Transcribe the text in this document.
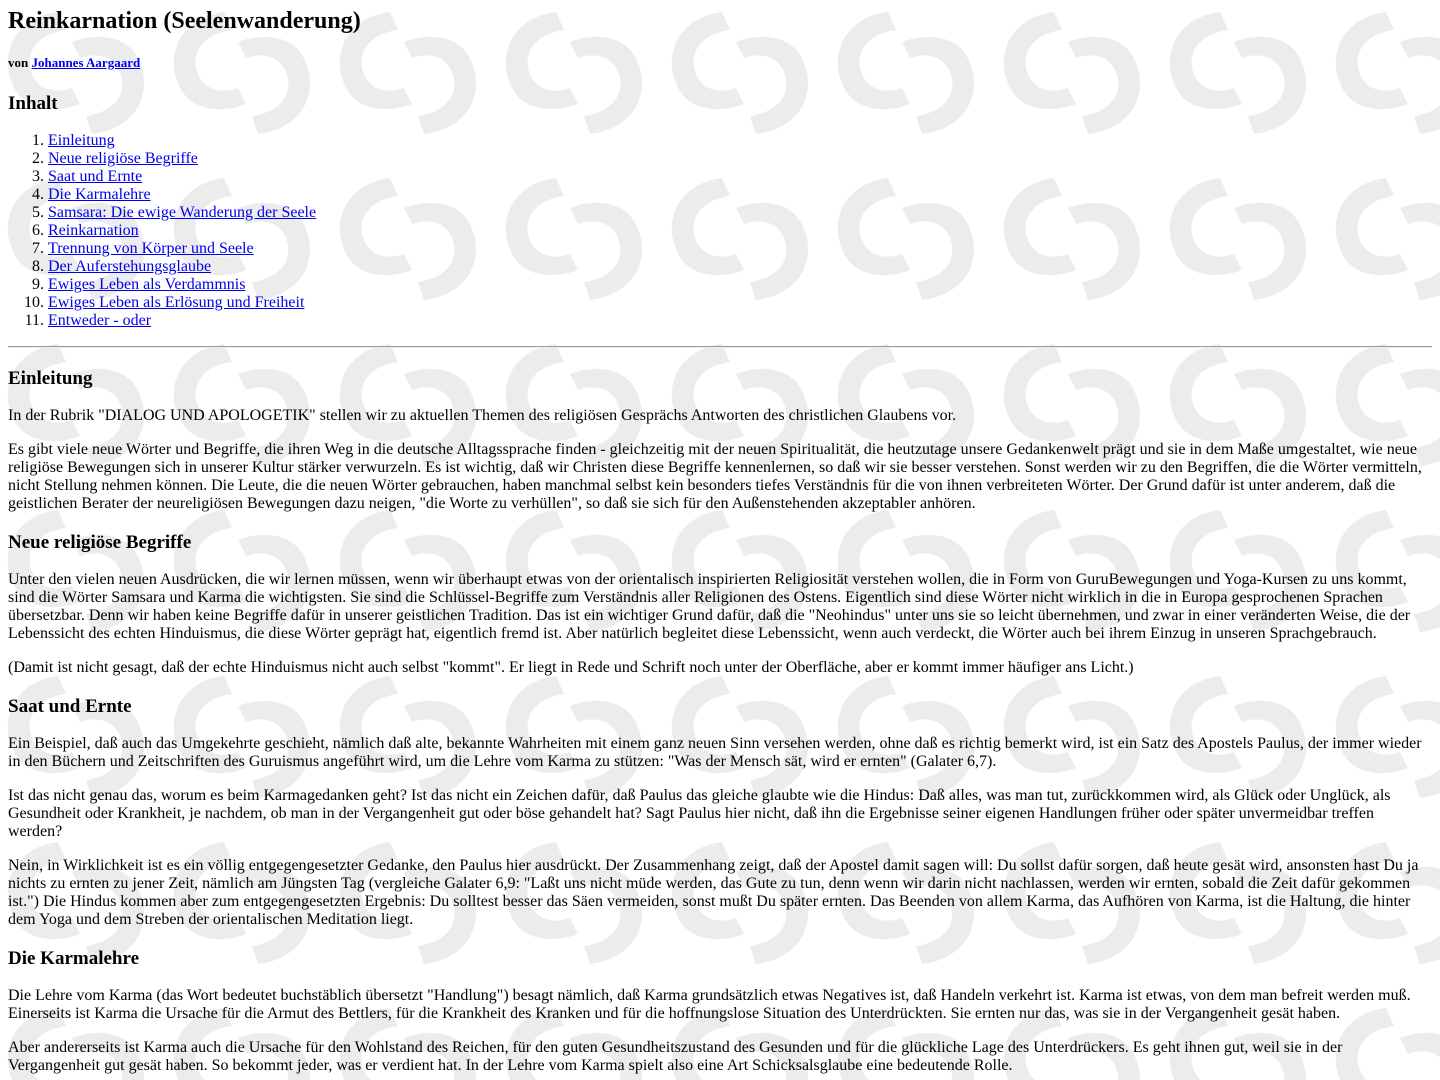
Reinkarnation (Seelenwanderung)
von Johannes Aargaard
Inhalt
1. Einleitung
2. Neue religiöse Begriffe
3. Saat und Ernte
4. Die Karmalehre
5. Samsara: Die ewige Wanderung der Seele
6. Reinkarnation
7. Trennung von Körper und Seele
8. Der Auferstehungsglaube
9. Ewiges Leben als Verdammnis
10. Ewiges Leben als Erlösung und Freiheit
11. Entweder - oder
Einleitung

In der Rubrik "DIALOG UND APOLOGETIK" stellen wir zu aktuellen Themen des religiösen Gesprächs Antworten des christlichen Glaubens vor.

Es gibt viele neue Wörter und Begriffe, die ihren Weg in die deutsche Alltagssprache finden - gleichzeitig mit der neuen Spiritualität, die heutzutage unsere Gedankenwelt prägt und sie in dem Maße umgestaltet, wie neue religiöse Bewegungen sich in unserer Kultur stärker verwurzeln. Es ist wichtig, daß wir Christen diese Begriffe kennenlernen, so daß wir sie besser verstehen. Sonst werden wir zu den Begriffen, die die Wörter vermitteln, nicht Stellung nehmen können. Die Leute, die die neuen Wörter gebrauchen, haben manchmal selbst kein besonders tiefes Verständnis für die von ihnen verbreiteten Wörter. Der Grund dafür ist unter anderem, daß die geistlichen Berater der neureligiösen Bewegungen dazu neigen, "die Worte zu verhüllen", so daß sie sich für den Außenstehenden akzeptabler anhören.

Neue religiöse Begriffe

Unter den vielen neuen Ausdrücken, die wir lernen müssen, wenn wir überhaupt etwas von der orientalisch inspirierten Religiosität verstehen wollen, die in Form von GuruBewegungen und Yoga-Kursen zu uns kommt, sind die Wörter Samsara und Karma die wichtigsten. Sie sind die Schlüssel-Begriffe zum Verständnis aller Religionen des Ostens. Eigentlich sind diese Wörter nicht wirklich in die in Europa gesprochenen Sprachen übersetzbar. Denn wir haben keine Begriffe dafür in unserer geistlichen Tradition. Das ist ein wichtiger Grund dafür, daß die "Neohindus" unter uns sie so leicht übernehmen, und zwar in einer veränderten Weise, die der Lebenssicht des echten Hinduismus, die diese Wörter geprägt hat, eigentlich fremd ist. Aber natürlich begleitet diese Lebenssicht, wenn auch verdeckt, die Wörter auch bei ihrem Einzug in unseren Sprachgebrauch.

(Damit ist nicht gesagt, daß der echte Hinduismus nicht auch selbst "kommt". Er liegt in Rede und Schrift noch unter der Oberfläche, aber er kommt immer häufiger ans Licht.)

Saat und Ernte

Ein Beispiel, daß auch das Umgekehrte geschieht, nämlich daß alte, bekannte Wahrheiten mit einem ganz neuen Sinn versehen werden, ohne daß es richtig bemerkt wird, ist ein Satz des Apostels Paulus, der immer wieder in den Büchern und Zeitschriften des Guruismus angeführt wird, um die Lehre vom Karma zu stützen: "Was der Mensch sät, wird er ernten" (Galater 6,7).

Ist das nicht genau das, worum es beim Karmagedanken geht? Ist das nicht ein Zeichen dafür, daß Paulus das gleiche glaubte wie die Hindus: Daß alles, was man tut, zurückkommen wird, als Glück oder Unglück, als Gesundheit oder Krankheit, je nachdem, ob man in der Vergangenheit gut oder böse gehandelt hat? Sagt Paulus hier nicht, daß ihn die Ergebnisse seiner eigenen Handlungen früher oder später unvermeidbar treffen werden?

Nein, in Wirklichkeit ist es ein völlig entgegengesetzter Gedanke, den Paulus hier ausdrückt. Der Zusammenhang zeigt, daß der Apostel damit sagen will: Du sollst dafür sorgen, daß heute gesät wird, ansonsten hast Du ja nichts zu ernten zu jener Zeit, nämlich am Jüngsten Tag (vergleiche Galater 6,9: "Laßt uns nicht müde werden, das Gute zu tun, denn wenn wir darin nicht nachlassen, werden wir ernten, sobald die Zeit dafür gekommen ist.") Die Hindus kommen aber zum entgegengesetzten Ergebnis: Du solltest besser das Säen vermeiden, sonst mußt Du später ernten. Das Beenden von allem Karma, das Aufhören von Karma, ist die Haltung, die hinter dem Yoga und dem Streben der orientalischen Meditation liegt.

Die Karmalehre

Die Lehre vom Karma (das Wort bedeutet buchstäblich übersetzt "Handlung") besagt nämlich, daß Karma grundsätzlich etwas Negatives ist, daß Handeln verkehrt ist. Karma ist etwas, von dem man befreit werden muß. Einerseits ist Karma die Ursache für die Armut des Bettlers, für die Krankheit des Kranken und für die hoffnungslose Situation des Unterdrückten. Sie ernten nur das, was sie in der Vergangenheit gesät haben.

Aber andererseits ist Karma auch die Ursache für den Wohlstand des Reichen, für den guten Gesundheitszustand des Gesunden und für die glückliche Lage des Unterdrückers. Es geht ihnen gut, weil sie in der Vergangenheit gut gesät haben. So bekommt jeder, was er verdient hat. In der Lehre vom Karma spielt also eine Art Schicksalsglaube eine bedeutende Rolle.
